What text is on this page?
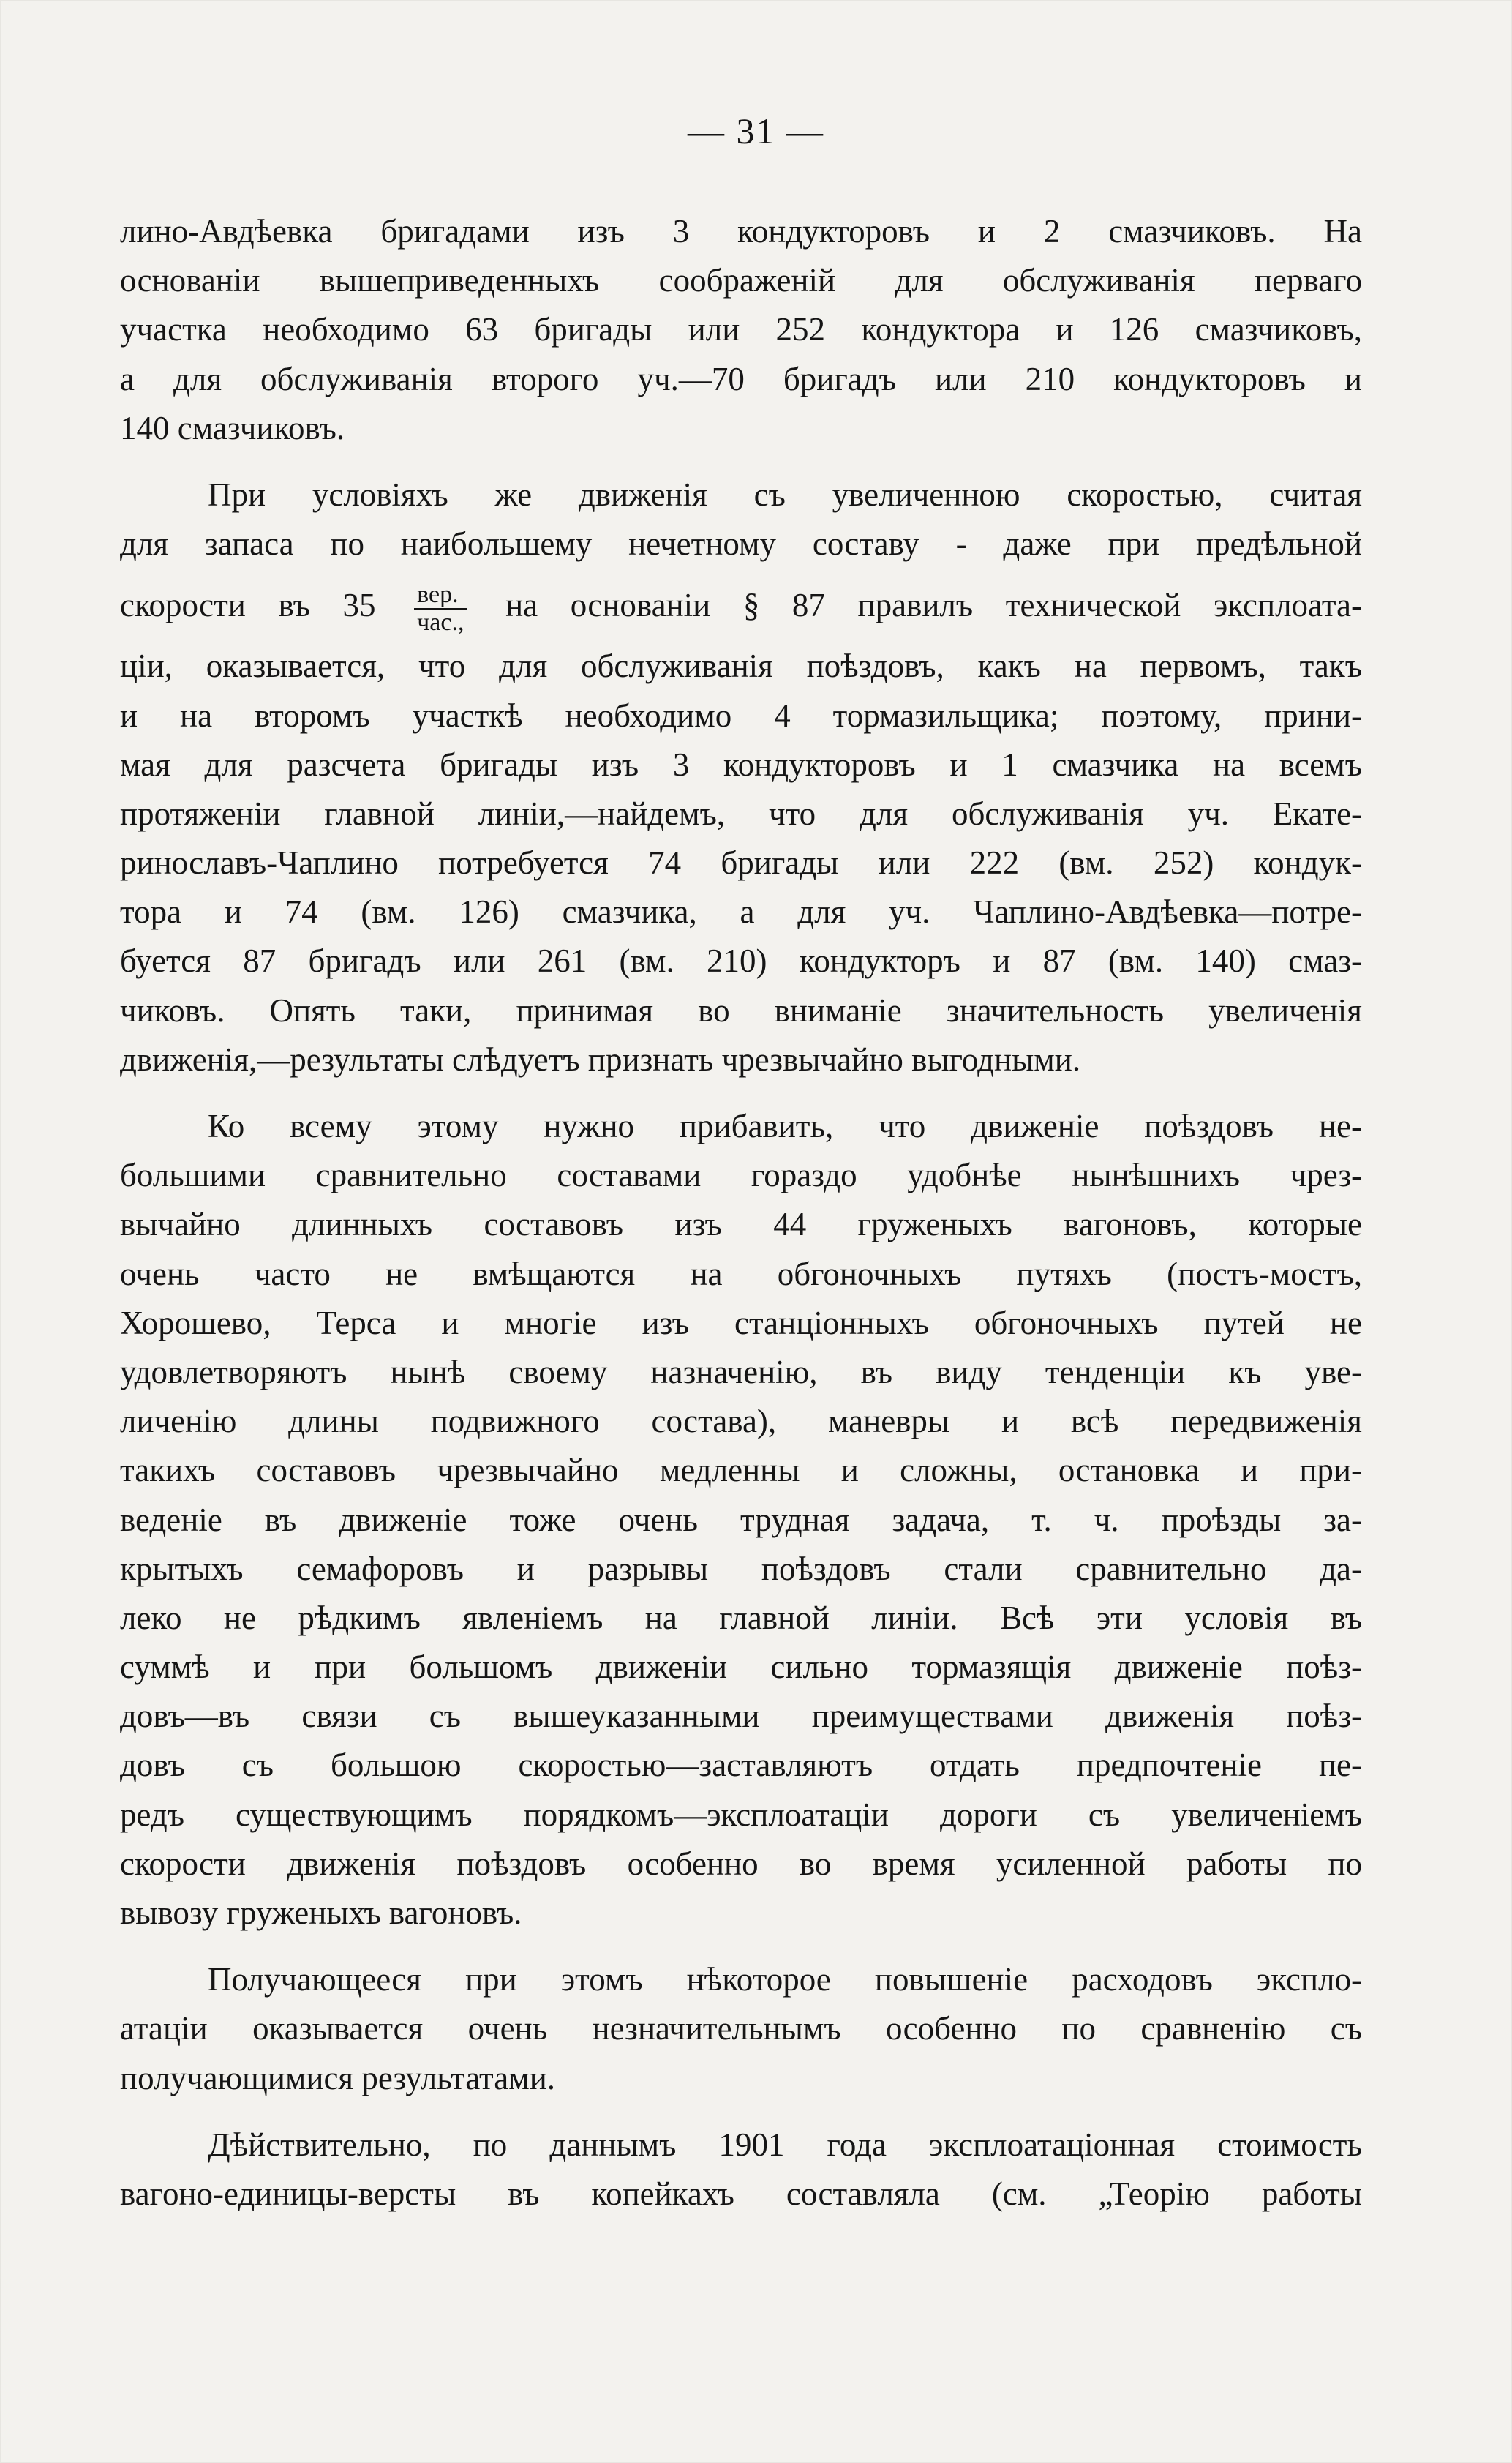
— 31 —
лино-Авдѣевка бригадами изъ 3 кондукторовъ и 2 смазчиковъ. На
основанiи вышеприведенныхъ соображенiй для обслуживанiя перваго
участка необходимо 63 бригады или 252 кондуктора и 126 смазчиковъ,
а для обслуживанiя второго уч.—70 бригадъ или 210 кондукторовъ и
140 смазчиковъ.
При условiяхъ же движенiя съ увеличенною скоростью, считая
для запаса по наибольшему нечетному составу - даже при предѣльной
скорости въ $35 \frac{\text{вер.}}{\text{час.,}}$ на основанiи § 87 правилъ технической эксплоата-
цiи, оказывается, что для обслуживанiя поѣздовъ, какъ на первомъ, такъ
и на второмъ участкѣ необходимо 4 тормазильщика; поэтому, прини-
мая для разсчета бригады изъ 3 кондукторовъ и 1 смазчика на всемъ
протяженiи главной линiи,—найдемъ, что для обслуживанiя уч. Екате-
ринославъ-Чаплино потребуется 74 бригады или 222 (вм. 252) кондук-
тора и 74 (вм. 126) смазчика, а для уч. Чаплино-Авдѣевка—потре-
буется 87 бригадъ или 261 (вм. 210) кондукторъ и 87 (вм. 140) смаз-
чиковъ. Опять таки, принимая во вниманiе значительность увеличенiя
движенiя,—результаты слѣдуетъ признать чрезвычайно выгодными.
Ко всему этому нужно прибавить, что движенiе поѣздовъ не-
большими сравнительно составами гораздо удобнѣе нынѣшнихъ чрез-
вычайно длинныхъ составовъ изъ 44 груженыхъ вагоновъ, которые
очень часто не вмѣщаются на обгоночныхъ путяхъ (постъ-мостъ,
Хорошево, Терса и многiе изъ станцiонныхъ обгоночныхъ путей не
удовлетворяютъ нынѣ своему назначенiю, въ виду тенденцiи къ уве-
личенiю длины подвижного состава), маневры и всѣ передвиженiя
такихъ составовъ чрезвычайно медленны и сложны, остановка и при-
веденiе въ движенiе тоже очень трудная задача, т. ч. проѣзды за-
крытыхъ семафоровъ и разрывы поѣздовъ стали сравнительно да-
леко не рѣдкимъ явленiемъ на главной линiи. Всѣ эти условiя въ
суммѣ и при большомъ движенiи сильно тормазящiя движенiе поѣз-
довъ—въ связи съ вышеуказанными преимуществами движенiя поѣз-
довъ съ большою скоростью—заставляютъ отдать предпочтенiе пе-
редъ существующимъ порядкомъ—эксплоатацiи дороги съ увеличенiемъ
скорости движенiя поѣздовъ особенно во время усиленной работы по
вывозу груженыхъ вагоновъ.
Получающееся при этомъ нѣкоторое повышенiе расходовъ эксплo-
атацiи оказывается очень незначительнымъ особенно по сравненiю съ
получающимися результатами.
Дѣйствительно, по даннымъ 1901 года эксплоатацiонная стоимость
вагоно-единицы-версты въ копейкахъ составляла (см. „Теорiю работы
